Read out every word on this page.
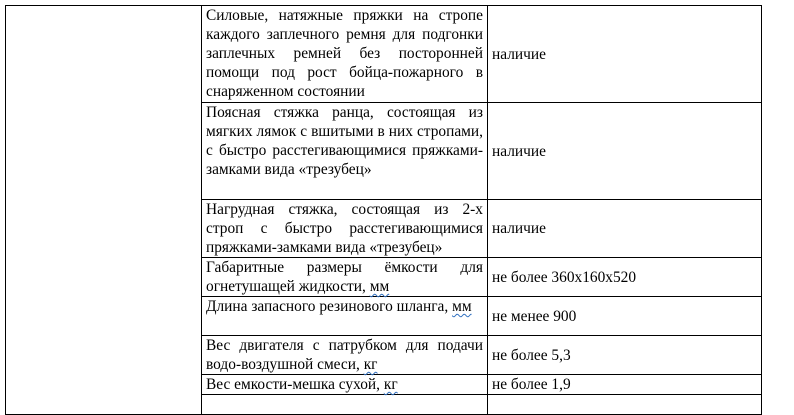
	Силовые, натяжные пряжки на стропе каждого заплечного ремня для подгонки заплечных ремней без посторонней помощи под рост бойца-пожарного в снаряженном состоянии	наличие
	Поясная стяжка ранца, состоящая из мягких лямок с вшитыми в них стропами, с быстро расстегивающимися пряжками-замками вида «трезубец»	наличие
	Нагрудная стяжка, состоящая из 2-х строп с быстро расстегивающимися пряжками-замками вида «трезубец»	наличие
	Габаритные размеры ёмкости для огнетушащей жидкости, мм	не более 360х160х520
	Длина запасного резинового шланга, мм	не менее 900
	Вес двигателя с патрубком для подачи водо-воздушной смеси, кг	не более 5,3
	Вес емкости-мешка сухой, кг	не более 1,9
